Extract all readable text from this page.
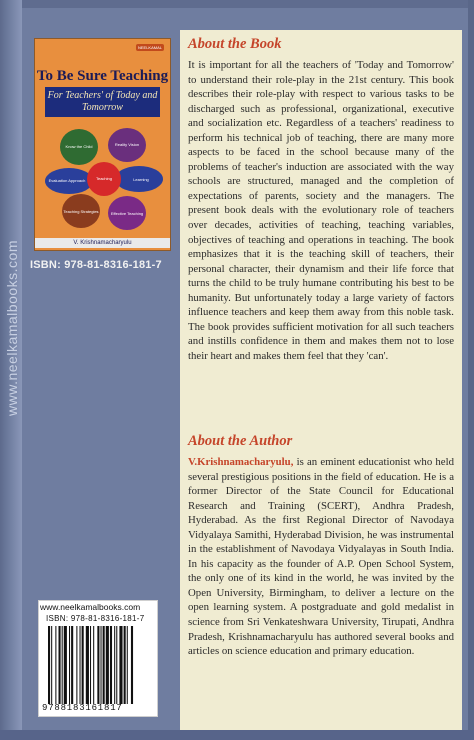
www.neelkamalbooks.com
NEELKAMAL
To Be Sure Teaching
For Teachers' of Today and Tomorrow
Know the Child	Reality Vision
Teaching	Learning
Evaluation Approach
Teaching Strategies	Effective Teaching
V. Krishnamacharyulu
ISBN: 978-81-8316-181-7
About the Book
It is important for all the teachers of 'Today and Tomorrow' to understand their role-play in the 21st century. This book describes their role-play with respect to various tasks to be discharged such as professional, organizational, executive and socialization etc. Regardless of a teachers' readiness to perform his technical job of teaching, there are many more aspects to be faced in the school because many of the problems of teacher's induction are associated with the way schools are structured, managed and the completion of expectations of parents, society and the managers. The present book deals with the evolutionary role of teachers over decades, activities of teaching, teaching variables, objectives of teaching and operations in teaching. The book emphasizes that it is the teaching skill of teachers, their personal character, their dynamism and their life force that turns the child to be truly humane contributing his best to be humanity. But unfortunately today a large variety of factors influence teachers and keep them away from this noble task. The book provides sufficient motivation for all such teachers and instills confidence in them and makes them not to lose their heart and makes them feel that they 'can'.
About the Author
V.Krishnamacharyulu, is an eminent educationist who held several prestigious positions in the field of education. He is a former Director of the State Council for Educational Research and Training (SCERT), Andhra Pradesh, Hyderabad. As the first Regional Director of Navodaya Vidyalaya Samithi, Hyderabad Division, he was instrumental in the establishment of Navodaya Vidyalayas in South India. In his capacity as the founder of A.P. Open School System, the only one of its kind in the world, he was invited by the Open University, Birmingham, to deliver a lecture on the open learning system. A postgraduate and gold medalist in science from Sri Venkateshwara University, Tirupati, Andhra Pradesh, Krishnamacharyulu has authored several books and articles on science education and primary education.
www.neelkamalbooks.com
ISBN: 978-81-8316-181-7
9788183161817
